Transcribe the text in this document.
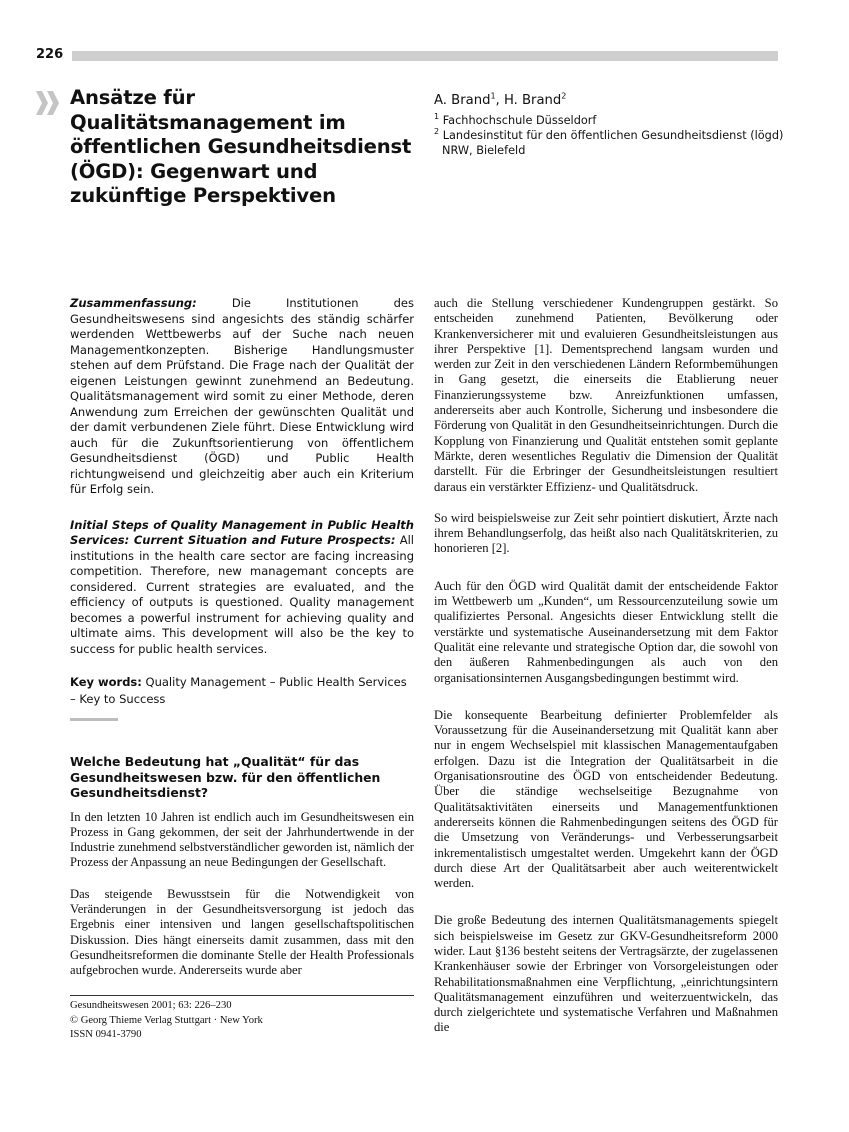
226
Ansätze für Qualitätsmanagement im öffentlichen Gesundheitsdienst (ÖGD): Gegenwart und zukünftige Perspektiven
A. Brand$^1$, H. Brand$^2$
$^1$ Fachhochschule Düsseldorf
$^2$ Landesinstitut für den öffentlichen Gesundheitsdienst (lögd)
NRW, Bielefeld
Zusammenfassung:	Die Institutionen des Gesundheitswesens sind angesichts des ständig schärfer werdenden Wettbewerbs auf der Suche nach neuen Managementkonzepten. Bisherige Handlungsmuster stehen auf dem Prüfstand. Die Frage nach der Qualität der eigenen Leistungen gewinnt zunehmend an Bedeutung. Qualitätsmanagement wird somit zu einer Methode, deren Anwendung zum Erreichen der gewünschten Qualität und der damit verbundenen Ziele führt. Diese Entwicklung wird auch für die Zukunftsorientierung von öffentlichem Gesundheitsdienst (ÖGD) und Public Health richtungweisend und gleichzeitig aber auch ein Kriterium für Erfolg sein.
Initial Steps of Quality Management in Public Health Services: Current Situation and Future Prospects: All institutions in the health care sector are facing increasing competition. Therefore, new managemant concepts are considered. Current strategies are evaluated, and the efficiency of outputs is questioned. Quality management becomes a powerful instrument for achieving quality and ultimate aims. This development will also be the key to success for public health services.
Key words: Quality Management – Public Health Services – Key to Success
Welche Bedeutung hat „Qualität“ für das Gesundheitswesen bzw. für den öffentlichen Gesundheitsdienst?

In den letzten 10 Jahren ist endlich auch im Gesundheitswesen ein Prozess in Gang gekommen, der seit der Jahrhundertwende in der Industrie zunehmend selbstverständlicher geworden ist, nämlich der Prozess der Anpassung an neue Bedingungen der Gesellschaft.

Das steigende Bewusstsein für die Notwendigkeit von Veränderungen in der Gesundheitsversorgung ist jedoch das Ergebnis einer intensiven und langen gesellschaftspolitischen Diskussion. Dies hängt einerseits damit zusammen, dass mit den Gesundheitsreformen die dominante Stelle der Health Professionals aufgebrochen wurde. Andererseits wurde aber

auch die Stellung verschiedener Kundengruppen gestärkt. So entscheiden zunehmend Patienten, Bevölkerung oder Krankenversicherer mit und evaluieren Gesundheitsleistungen aus ihrer Perspektive [1]. Dementsprechend langsam wurden und werden zur Zeit in den verschiedenen Ländern Reformbemühungen in Gang gesetzt, die einerseits die Etablierung neuer Finanzierungssysteme bzw. Anreizfunktionen umfassen, andererseits aber auch Kontrolle, Sicherung und insbesondere die Förderung von Qualität in den Gesundheitseinrichtungen. Durch die Kopplung von Finanzierung und Qualität entstehen somit geplante Märkte, deren wesentliches Regulativ die Dimension der Qualität darstellt. Für die Erbringer der Gesundheitsleistungen resultiert daraus ein verstärkter Effizienz- und Qualitätsdruck.

So wird beispielsweise zur Zeit sehr pointiert diskutiert, Ärzte nach ihrem Behandlungserfolg, das heißt also nach Qualitätskriterien, zu honorieren [2].

Auch für den ÖGD wird Qualität damit der entscheidende Faktor im Wettbewerb um „Kunden“, um Ressourcenzuteilung sowie um qualifiziertes Personal. Angesichts dieser Entwicklung stellt die verstärkte und systematische Auseinandersetzung mit dem Faktor Qualität eine relevante und strategische Option dar, die sowohl von den äußeren Rahmenbedingungen als auch von den organisationsinternen Ausgangsbedingungen bestimmt wird.

Die konsequente Bearbeitung definierter Problemfelder als Voraussetzung für die Auseinandersetzung mit Qualität kann aber nur in engem Wechselspiel mit klassischen Managementaufgaben erfolgen. Dazu ist die Integration der Qualitätsarbeit in die Organisationsroutine des ÖGD von entscheidender Bedeutung. Über die ständige wechselseitige Bezugnahme von Qualitätsaktivitäten einerseits und Managementfunktionen andererseits können die Rahmenbedingungen seitens des ÖGD für die Umsetzung von Veränderungs- und Verbesserungsarbeit inkrementalistisch umgestaltet werden. Umgekehrt kann der ÖGD durch diese Art der Qualitätsarbeit aber auch weiterentwickelt werden.

Die große Bedeutung des internen Qualitätsmanagements spiegelt sich beispielsweise im Gesetz zur GKV-Gesundheitsreform 2000 wider. Laut §136 besteht seitens der Vertragsärzte, der zugelassenen Krankenhäuser sowie der Erbringer von Vorsorgeleistungen oder Rehabilitationsmaßnahmen eine Verpflichtung, „einrichtungsintern Qualitätsmanagement einzuführen und weiterzuentwickeln, das durch zielgerichtete und systematische Verfahren und Maßnahmen die

Gesundheitswesen 2001; 63: 226–230
© Georg Thieme Verlag Stuttgart · New York
ISSN 0941-3790
